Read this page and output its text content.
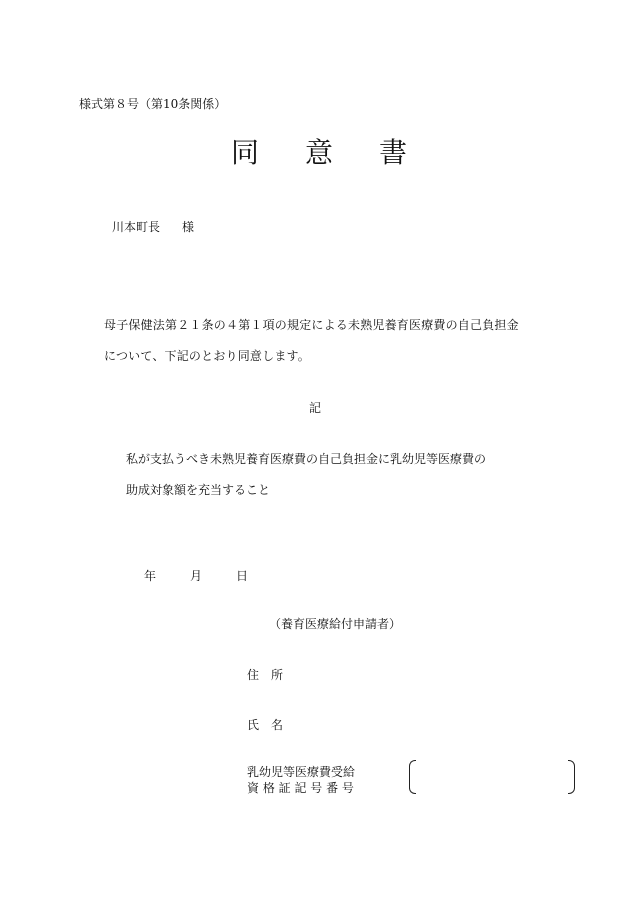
様式第８号（第10条関係）
同 意 書
川本町長 様
母子保健法第２１条の４第１項の規定による未熟児養育医療費の自己負担金
について、下記のとおり同意します。
記
私が支払うべき未熟児養育医療費の自己負担金に乳幼児等医療費の
助成対象額を充当すること
年	月	日
（養育医療給付申請者）
住 所
氏 名
乳幼児等医療費受給
資 格 証 記 号 番 号
